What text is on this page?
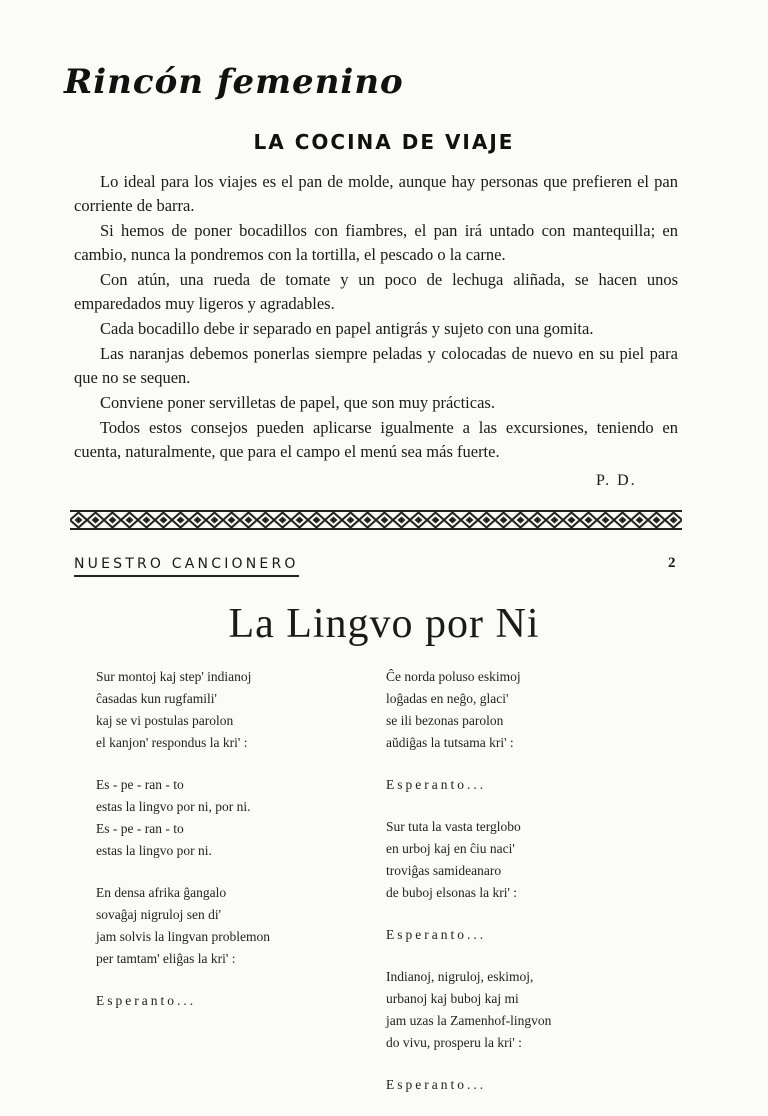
Rincón femenino
LA COCINA DE VIAJE

Lo ideal para los viajes es el pan de molde, aunque hay personas que prefieren el pan corriente de barra.

Si hemos de poner bocadillos con fiambres, el pan irá untado con mantequilla; en cambio, nunca la pondremos con la tortilla, el pescado o la carne.

Con atún, una rueda de tomate y un poco de lechuga aliñada, se hacen unos emparedados muy ligeros y agradables.

Cada bocadillo debe ir separado en papel antigrás y sujeto con una gomita.

Las naranjas debemos ponerlas siempre peladas y colocadas de nuevo en su piel para que no se sequen.

Conviene poner servilletas de papel, que son muy prácticas.

Todos estos consejos pueden aplicarse igualmente a las excursiones, teniendo en cuenta, naturalmente, que para el campo el menú sea más fuerte.

P. D.
NUESTRO CANCIONERO	2
La Lingvo por Ni
Sur montoj kaj step' indianoj
ĉasadas kun rugfamili'
kaj se vi postulas parolon
el kanjon' respondus la kri' :
Es - pe - ran - to
estas la lingvo por ni, por ni.
Es - pe - ran - to
estas la lingvo por ni.
En densa afrika ĝangalo
sovaĝaj nigruloj sen di'
jam solvis la lingvan problemon
per tamtam' eliĝas la kri' :
Esperanto...
Ĉe norda poluso eskimoj
loĝadas en neĝo, glaci'
se ili bezonas parolon
aŭdiĝas la tutsama kri' :
Esperanto...
Sur tuta la vasta terglobo
en urboj kaj en ĉiu naci'
troviĝas samideanaro
de buboj elsonas la kri' :
Esperanto...
Indianoj, nigruloj, eskimoj,
urbanoj kaj buboj kaj mi
jam uzas la Zamenhof-lingvon
do vivu, prosperu la kri' :
Esperanto...
